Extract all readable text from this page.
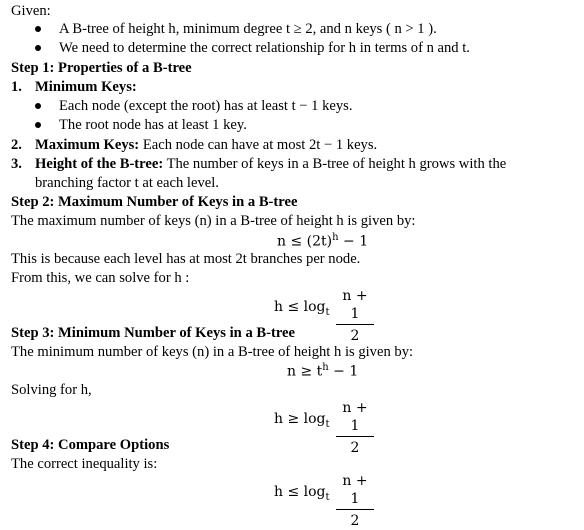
Given:
A B-tree of height h, minimum degree t ≥ 2, and n keys ( n > 1 ).
We need to determine the correct relationship for h in terms of n and t.
Step 1: Properties of a B-tree
1. Minimum Keys:
Each node (except the root) has at least t − 1 keys.
The root node has at least 1 key.
2. Maximum Keys: Each node can have at most 2t − 1 keys.
3. Height of the B-tree: The number of keys in a B-tree of height h grows with the
branching factor t at each level.
Step 2: Maximum Number of Keys in a B-tree
The maximum number of keys (n) in a B-tree of height h is given by:
$n \le (2t)^h - 1$
This is because each level has at most 2t branches per node.
From this, we can solve for h :
$h \le \log_t$
n + 1
2
Step 3: Minimum Number of Keys in a B-tree
The minimum number of keys (n) in a B-tree of height h is given by:
$n \ge t^h - 1$
Solving for h,
$h \ge \log_t$
n + 1
2
Step 4: Compare Options
The correct inequality is:
$h \le \log_t$
n + 1
2
